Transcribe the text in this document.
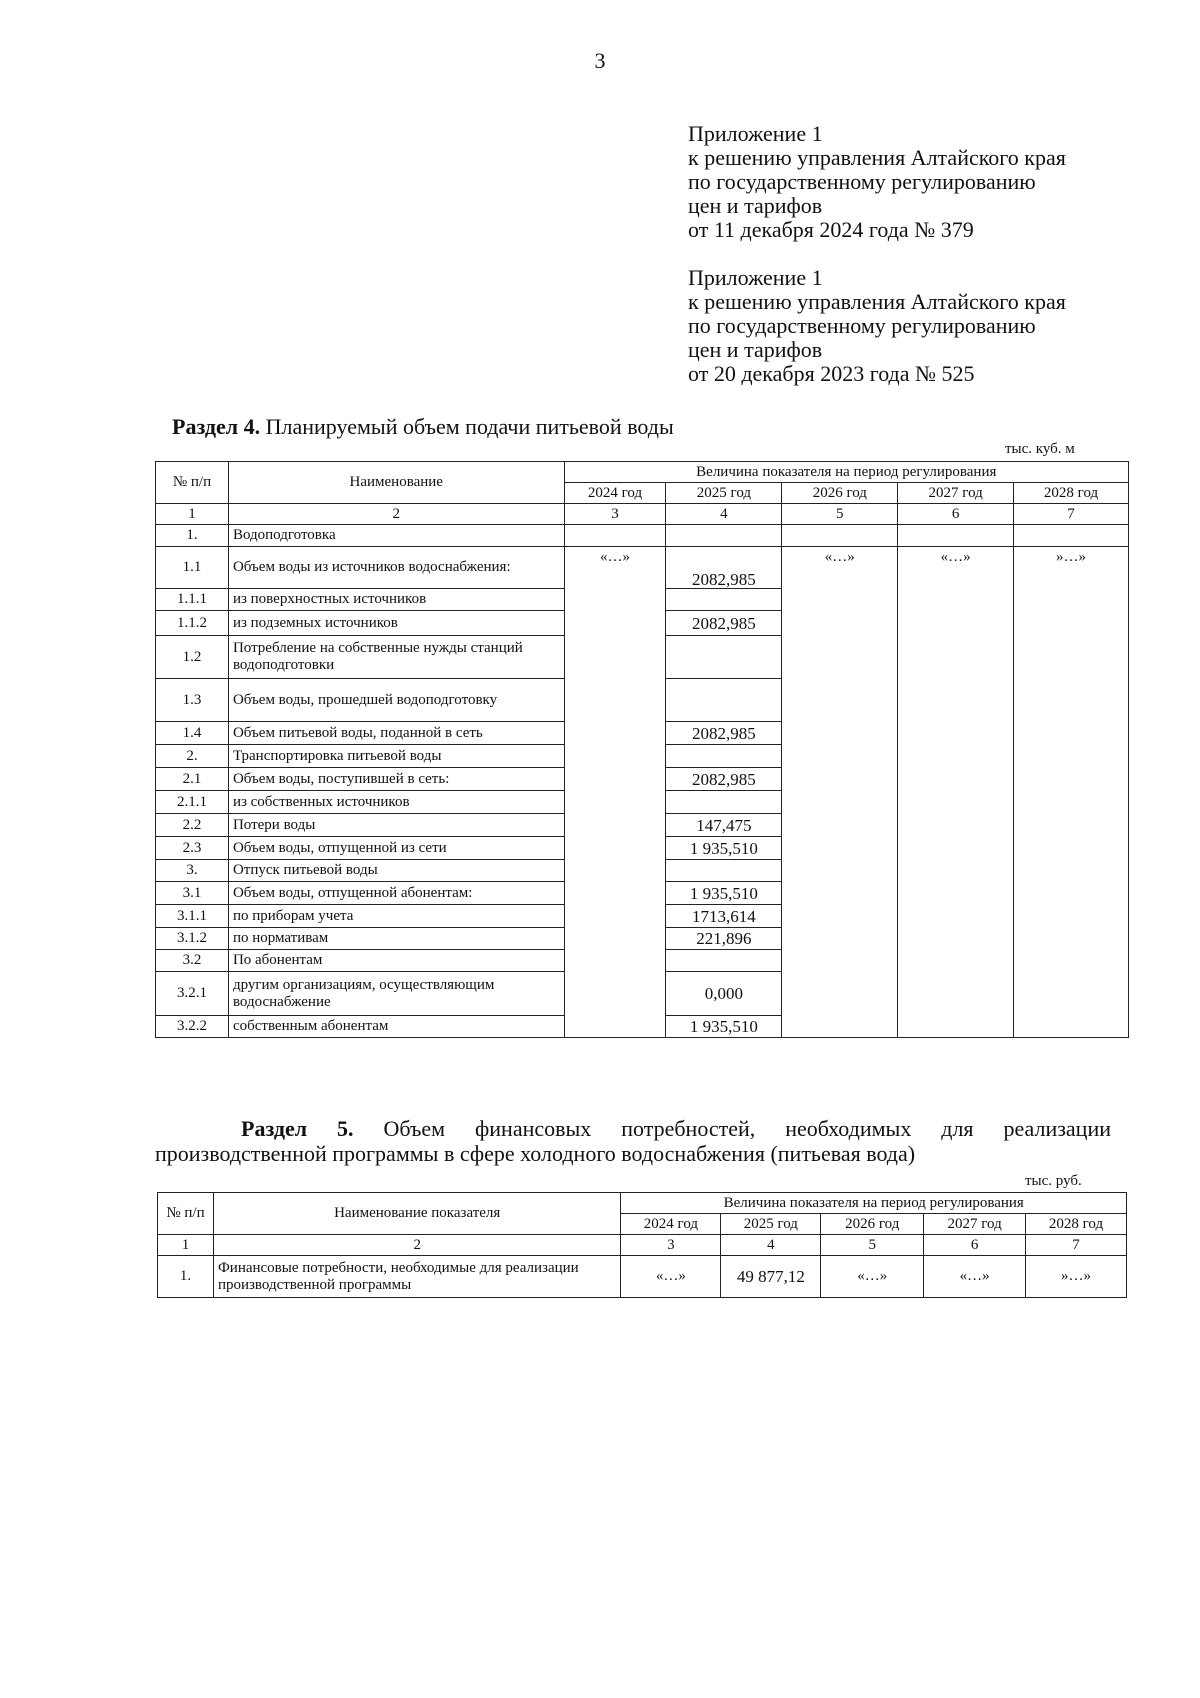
3
Приложение 1
к решению управления Алтайского края
по государственному регулированию
цен и тарифов
от 11 декабря 2024 года № 379
Приложение 1
к решению управления Алтайского края
по государственному регулированию
цен и тарифов
от 20 декабря 2023 года № 525
Раздел 4. Планируемый объем подачи питьевой воды
тыс. куб. м
№ п/п	Наименование	Величина показателя на период регулирования				
		2024 год	2025 год	2026 год	2027 год	2028 год
1	2	3	4	5	6	7
1.	Водоподготовка					
1.1	Объем воды из источников водоснабжения:	«…»	2082,985	«…»	«…»	»…»
1.1.1	из поверхностных источников					
1.1.2	из подземных источников		2082,985			
1.2	Потребление на собственные нужды станций водоподготовки					
1.3	Объем воды, прошедшей водоподготовку					
1.4	Объем питьевой воды, поданной в сеть		2082,985			
2.	Транспортировка питьевой воды					
2.1	Объем воды, поступившей в сеть:		2082,985			
2.1.1	из собственных источников					
2.2	Потери воды		147,475			
2.3	Объем воды, отпущенной из сети		1 935,510			
3.	Отпуск питьевой воды					
3.1	Объем воды, отпущенной абонентам:		1 935,510			
3.1.1	по приборам учета		1713,614			
3.1.2	по нормативам		221,896			
3.2	По абонентам					
3.2.1	другим организациям, осуществляющим водоснабжение		0,000			
3.2.2	собственным абонентам		1 935,510			
Раздел 5. Объем финансовых потребностей, необходимых для реализации производственной программы в сфере холодного водоснабжения (питьевая вода)
тыс. руб.
№ п/п	Наименование показателя	Величина показателя на период регулирования				
		2024 год	2025 год	2026 год	2027 год	2028 год
1	2	3	4	5	6	7
1.	Финансовые потребности, необходимые для реализации производственной программы	«…»	49 877,12	«…»	«…»	»…»
